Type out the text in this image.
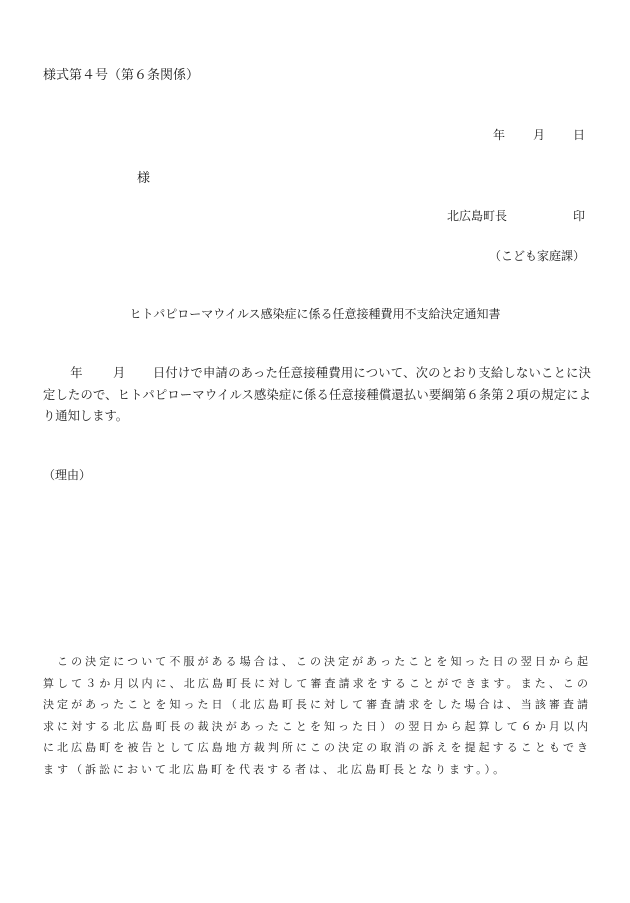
様式第４号（第６条関係）
年 月 日
様
北広島町長	印
（こども家庭課）
ヒトパピローマウイルス感染症に係る任意接種費用不支給決定通知書
年 月 日付けで申請のあった任意接種費用について、次のとおり支給しないことに決定したので、ヒトパピローマウイルス感染症に係る任意接種償還払い要綱第６条第２項の規定により通知します。
（理由）
この決定について不服がある場合は、この決定があったことを知った日の翌日から起算して３か月以内に、北広島町長に対して審査請求をすることができます。また、この決定があったことを知った日（北広島町長に対して審査請求をした場合は、当該審査請求に対する北広島町長の裁決があったことを知った日）の翌日から起算して６か月以内に北広島町を被告として広島地方裁判所にこの決定の取消の訴えを提起することもできます（訴訟において北広島町を代表する者は、北広島町長となります。）。
